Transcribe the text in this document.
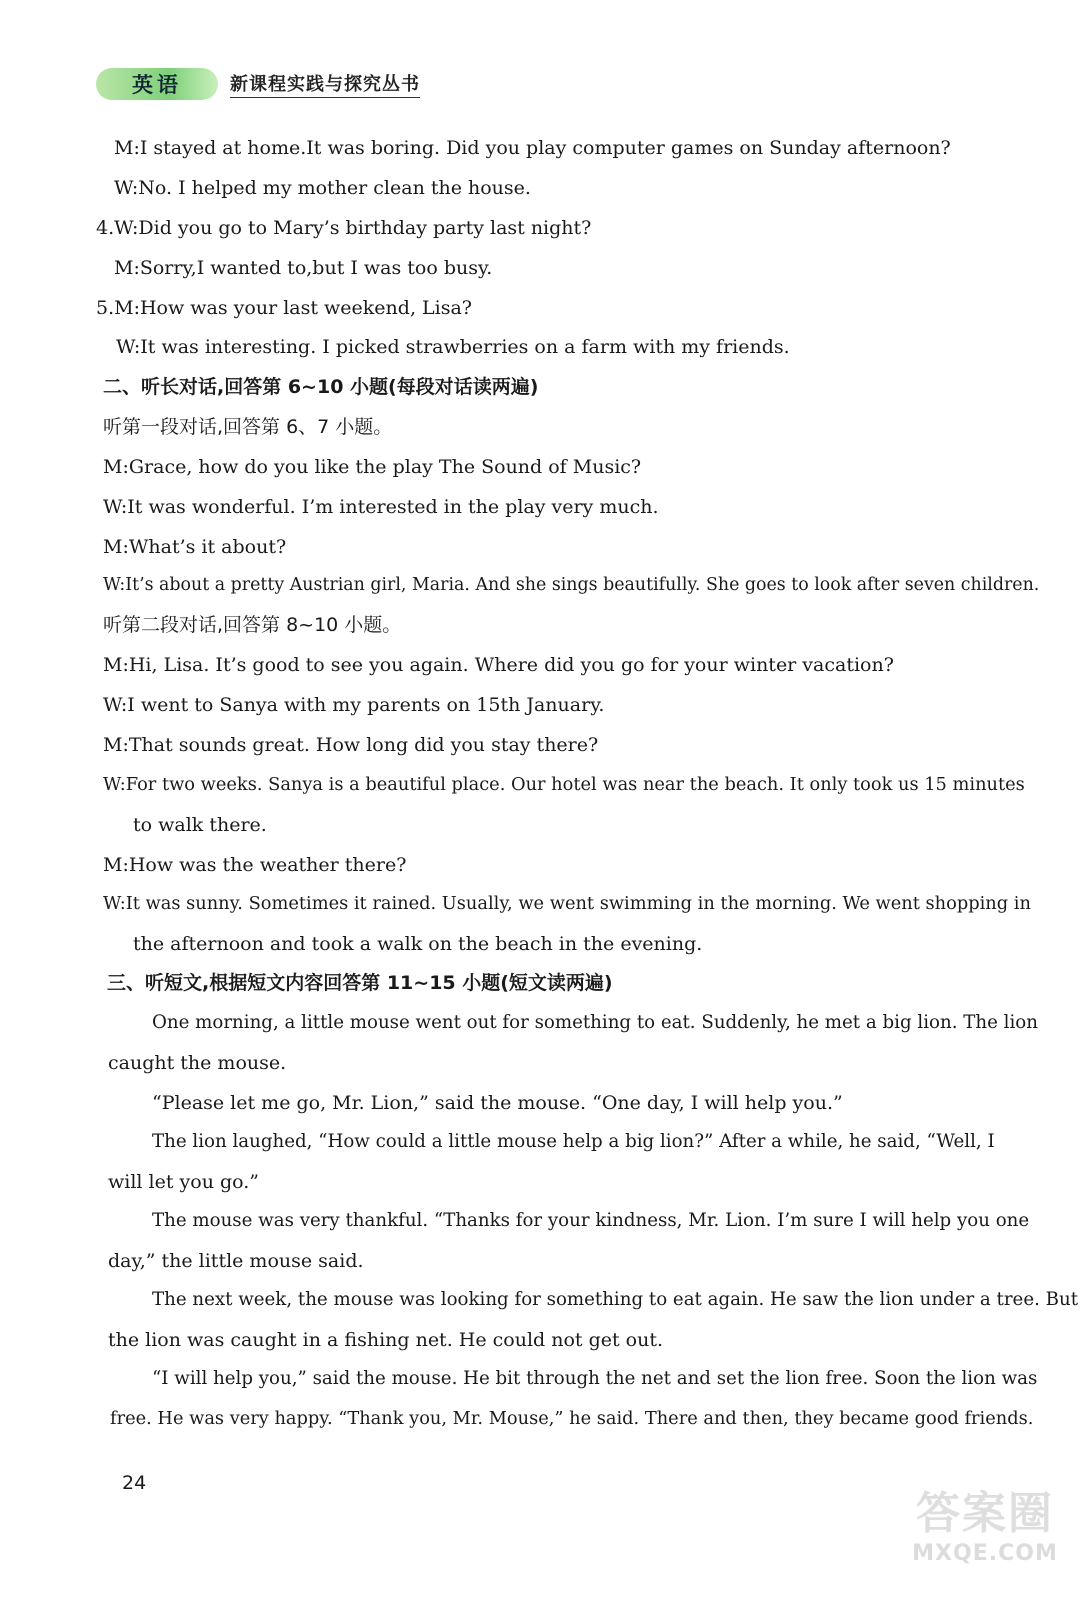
英语	新课程实践与探究丛书
M:I stayed at home.It was boring. Did you play computer games on Sunday afternoon?
W:No. I helped my mother clean the house.
4.W:Did you go to Mary’s birthday party last night?
M:Sorry,I wanted to,but I was too busy.
5.M:How was your last weekend, Lisa?
W:It was interesting. I picked strawberries on a farm with my friends.
二、听长对话,回答第 6~10 小题(每段对话读两遍)
听第一段对话,回答第 6、7 小题。
M:Grace, how do you like the play The Sound of Music?
W:It was wonderful. I’m interested in the play very much.
M:What’s it about?
W:It’s about a pretty Austrian girl, Maria. And she sings beautifully. She goes to look after seven children.
听第二段对话,回答第 8~10 小题。
M:Hi, Lisa. It’s good to see you again. Where did you go for your winter vacation?
W:I went to Sanya with my parents on 15th January.
M:That sounds great. How long did you stay there?
W:For two weeks. Sanya is a beautiful place. Our hotel was near the beach. It only took us 15 minutes
to walk there.
M:How was the weather there?
W:It was sunny. Sometimes it rained. Usually, we went swimming in the morning. We went shopping in
the afternoon and took a walk on the beach in the evening.
三、听短文,根据短文内容回答第 11~15 小题(短文读两遍)
One morning, a little mouse went out for something to eat. Suddenly, he met a big lion. The lion
caught the mouse.
“Please let me go, Mr. Lion,” said the mouse. “One day, I will help you.”
The lion laughed, “How could a little mouse help a big lion?” After a while, he said, “Well, I
will let you go.”
The mouse was very thankful. “Thanks for your kindness, Mr. Lion. I’m sure I will help you one
day,” the little mouse said.
The next week, the mouse was looking for something to eat again. He saw the lion under a tree. But
the lion was caught in a fishing net. He could not get out.
“I will help you,” said the mouse. He bit through the net and set the lion free. Soon the lion was
free. He was very happy. “Thank you, Mr. Mouse,” he said. There and then, they became good friends.
24
答案圈
MXQE.COM
